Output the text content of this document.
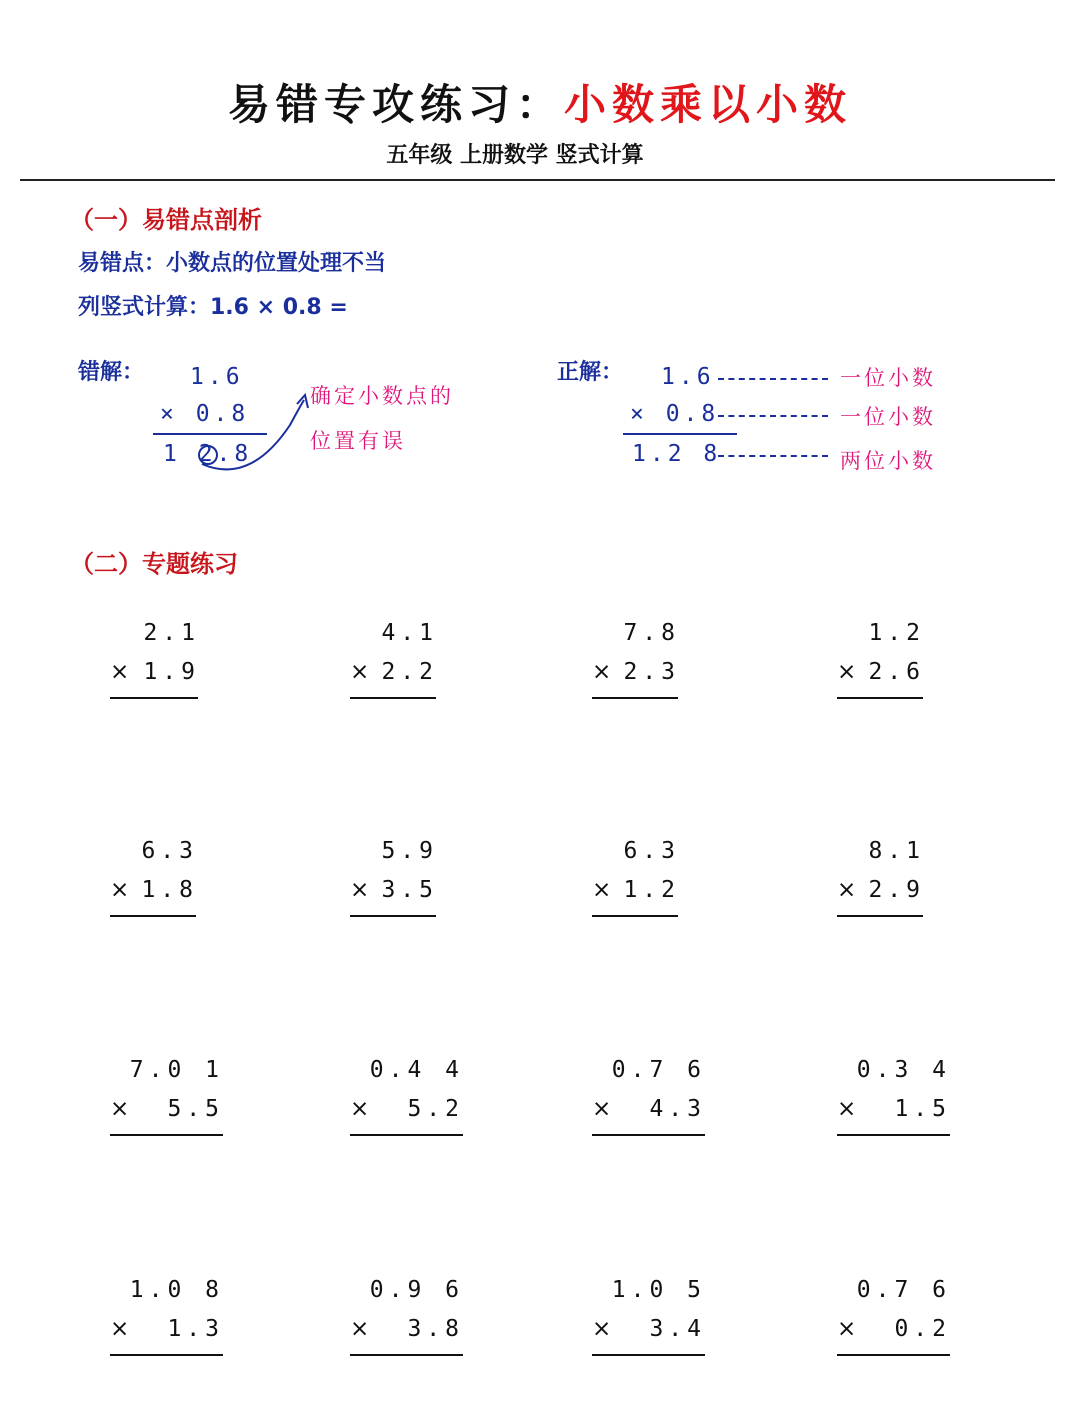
易错专攻练习：小数乘以小数
五年级 上册数学 竖式计算
（一）易错点剖析
易错点：小数点的位置处理不当
列竖式计算：1.6 × 0.8 =
错解： 1.6
× 0.8
1 2.8
确定小数点的
位置有误
正解： 1.6
× 0.8
1.2 8
一位小数
一位小数
两位小数
（二）专题练习
2.1
× 1.9
4.1
× 2.2
7.8
× 2.3
1.2
× 2.6
6.3
× 1.8
5.9
× 3.5
6.3
× 1.2
8.1
× 2.9
7.0 1
× 5.5
0.4 4
× 5.2
0.7 6
× 4.3
0.3 4
× 1.5
1.0 8
× 1.3
0.9 6
× 3.8
1.0 5
× 3.4
0.7 6
× 0.2
